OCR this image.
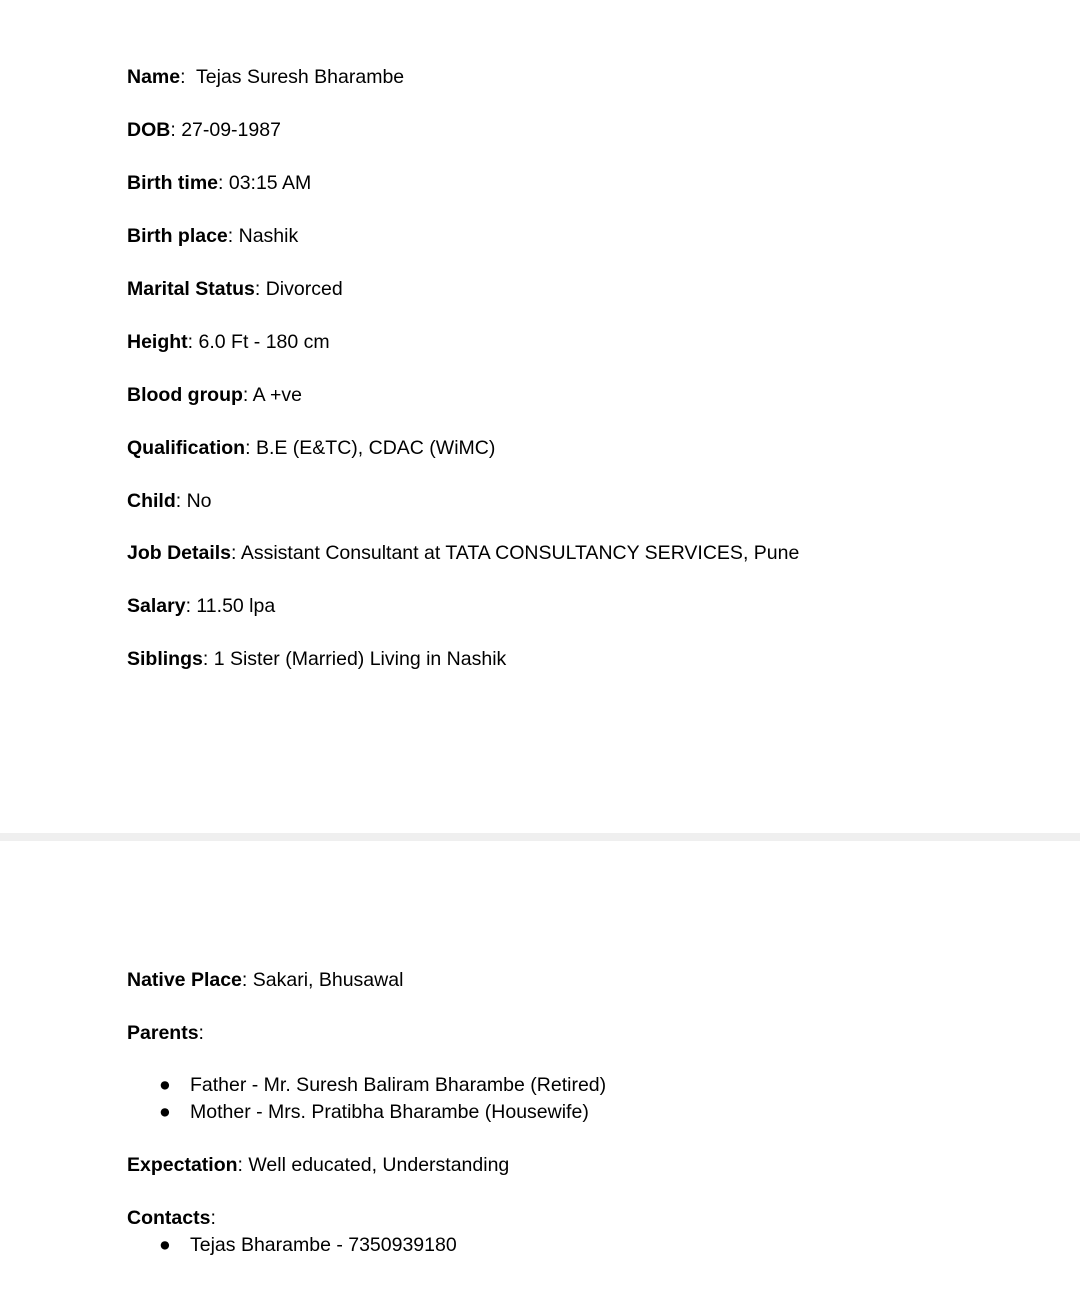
Name:  Tejas Suresh Bharambe
DOB: 27-09-1987
Birth time: 03:15 AM
Birth place: Nashik
Marital Status: Divorced
Height: 6.0 Ft - 180 cm
Blood group: A +ve
Qualification: B.E (E&TC), CDAC (WiMC)
Child: No
Job Details: Assistant Consultant at TATA CONSULTANCY SERVICES, Pune
Salary: 11.50 lpa
Siblings: 1 Sister (Married) Living in Nashik
Native Place: Sakari, Bhusawal
Parents:
● Father - Mr. Suresh Baliram Bharambe (Retired)
● Mother - Mrs. Pratibha Bharambe (Housewife)
Expectation: Well educated, Understanding
Contacts:
● Tejas Bharambe - 7350939180
